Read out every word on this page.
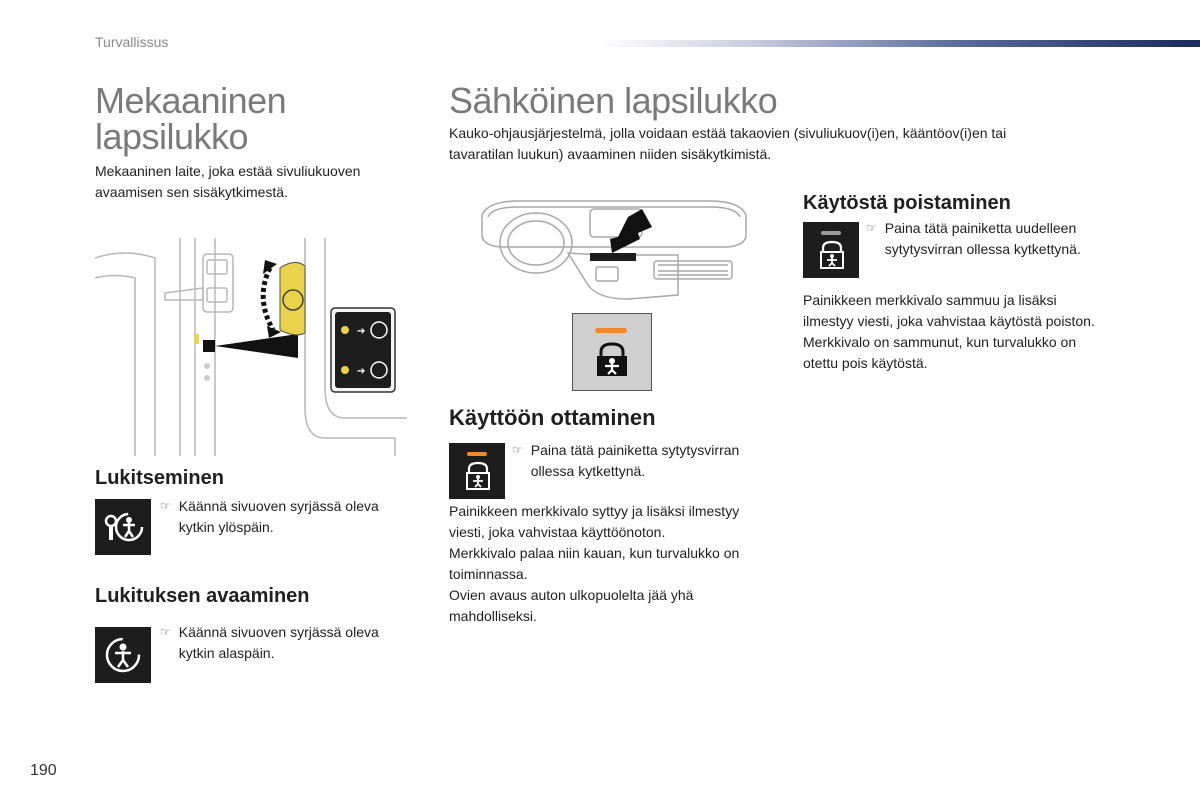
Turvallissus
Mekaaninen
lapsilukko
Mekaaninen laite, joka estää sivuliukuoven
avaamisen sen sisäkytkimestä.
➔
➔
Lukitseminen
☞ Käännä sivuoven syrjässä oleva
kytkin ylöspäin.
Lukituksen avaaminen
☞ Käännä sivuoven syrjässä oleva
kytkin alaspäin.
Sähköinen lapsilukko
Kauko-ohjausjärjestelmä, jolla voidaan estää takaovien (sivuliukuov(i)en, kääntöov(i)en tai
tavaratilan luukun) avaaminen niiden sisäkytkimistä.
Käyttöön ottaminen
☞ Paina tätä painiketta sytytysvirran
ollessa kytkettynä.
Painikkeen merkkivalo syttyy ja lisäksi ilmestyy
viesti, joka vahvistaa käyttöönoton.
Merkkivalo palaa niin kauan, kun turvalukko on
toiminnassa.
Ovien avaus auton ulkopuolelta jää yhä
mahdolliseksi.
Käytöstä poistaminen
☞ Paina tätä painiketta uudelleen
sytytysvirran ollessa kytkettynä.
Painikkeen merkkivalo sammuu ja lisäksi
ilmestyy viesti, joka vahvistaa käytöstä poiston.
Merkkivalo on sammunut, kun turvalukko on
otettu pois käytöstä.
190
